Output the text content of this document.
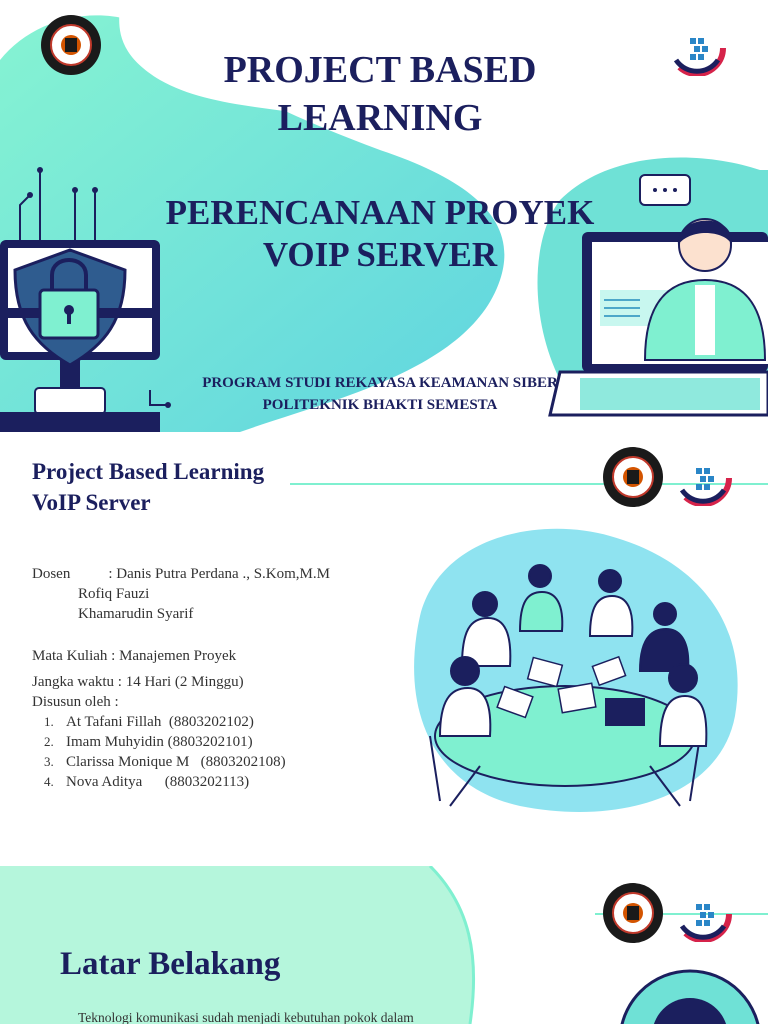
PROJECT BASED
LEARNING
PERENCANAAN PROYEK
VOIP SERVER
PROGRAM STUDI REKAYASA KEAMANAN SIBER
POLITEKNIK BHAKTI SEMESTA
Project Based Learning
VoIP Server
Dosen	: Danis Putra Perdana ., S.Kom,M.M
Rofiq Fauzi
Khamarudin Syarif
Mata Kuliah : Manajemen Proyek
Jangka waktu : 14 Hari (2 Minggu)
Disusun oleh :
1. At Tafani Fillah  (8803202102)
2. Imam Muhyidin (8803202101)
3. Clarissa Monique M   (8803202108)
4. Nova Aditya      (8803202113)
Latar Belakang
Teknologi komunikasi sudah menjadi kebutuhan pokok dalam
